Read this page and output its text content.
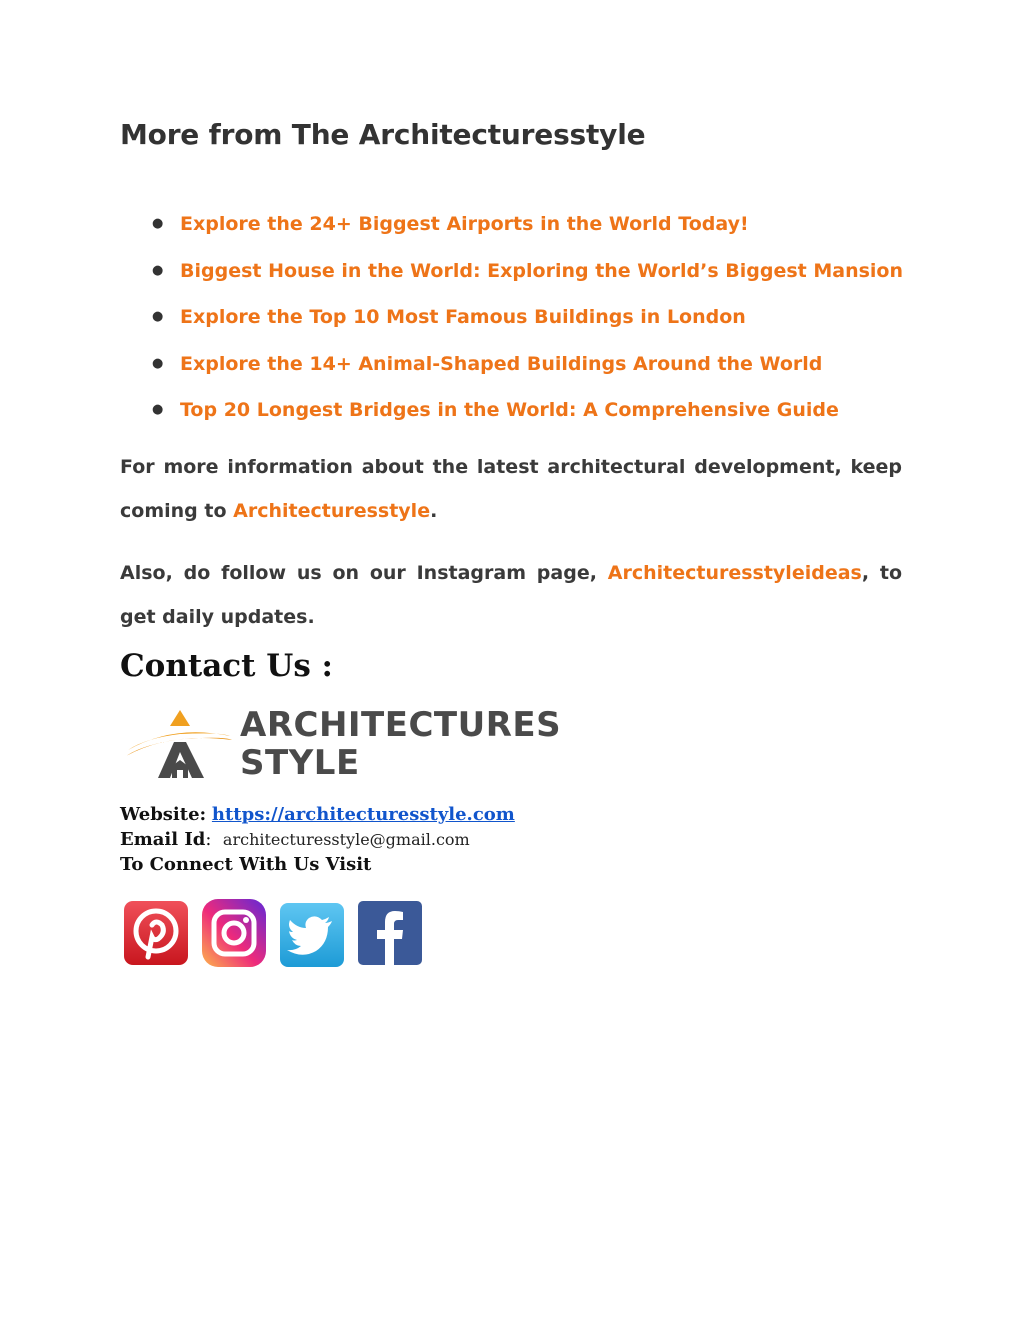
More from The Architecturesstyle
● Explore the 24+ Biggest Airports in the World Today!
● Biggest House in the World: Exploring the World’s Biggest Mansion
● Explore the Top 10 Most Famous Buildings in London
● Explore the 14+ Animal-Shaped Buildings Around the World
● Top 20 Longest Bridges in the World: A Comprehensive Guide

For more information about the latest architectural development, keep coming to Architecturesstyle.

Also, do follow us on our Instagram page, Architecturesstyleideas, to get daily updates.

Contact Us :
ARCHITECTURES
STYLE
Website: https://architecturesstyle.com
Email Id: architecturesstyle@gmail.com
To Connect With Us Visit
